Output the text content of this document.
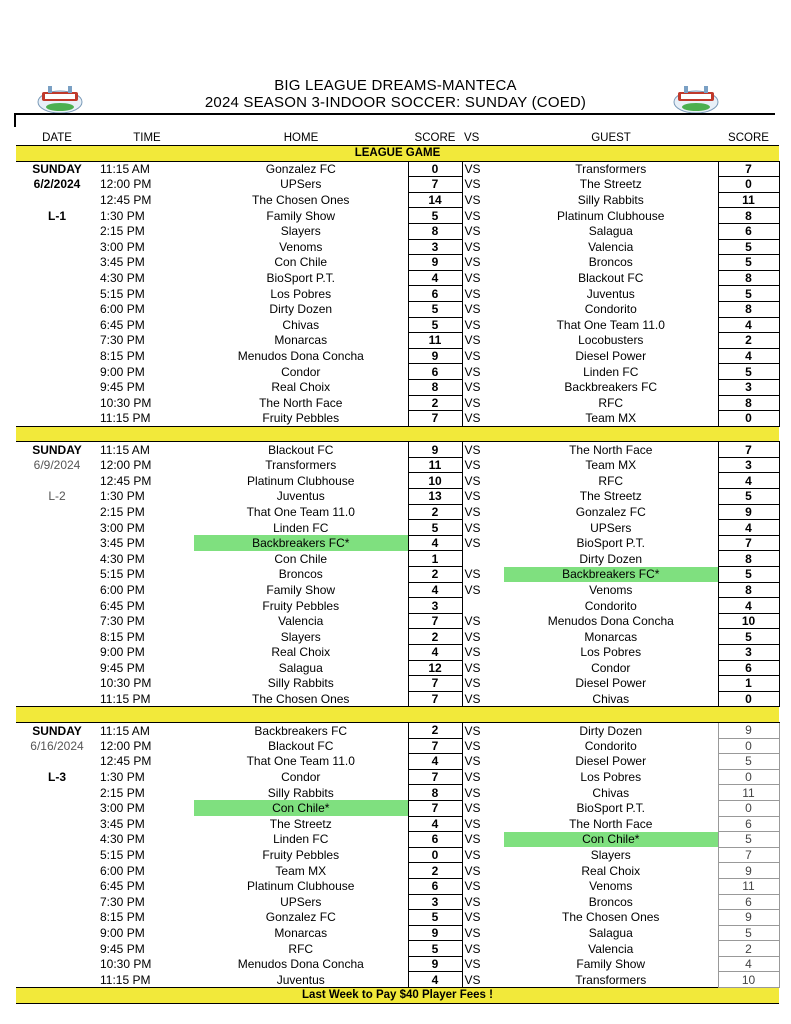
BIG LEAGUE DREAMS-MANTECA
2024 SEASON 3-INDOOR SOCCER: SUNDAY (COED)
DATE	TIME	HOME	SCORE	VS	GUEST	SCORE
LEAGUE GAME						
SUNDAY	11:15 AM	Gonzalez FC	0	VS	Transformers	7
6/2/2024	12:00 PM	UPSers	7	VS	The Streetz	0
	12:45 PM	The Chosen Ones	14	VS	Silly Rabbits	11
L-1	1:30 PM	Family Show	5	VS	Platinum Clubhouse	8
	2:15 PM	Slayers	8	VS	Salagua	6
	3:00 PM	Venoms	3	VS	Valencia	5
	3:45 PM	Con Chile	9	VS	Broncos	5
	4:30 PM	BioSport P.T.	4	VS	Blackout FC	8
	5:15 PM	Los Pobres	6	VS	Juventus	5
	6:00 PM	Dirty Dozen	5	VS	Condorito	8
	6:45 PM	Chivas	5	VS	That One Team 11.0	4
	7:30 PM	Monarcas	11	VS	Locobusters	2
	8:15 PM	Menudos Dona Concha	9	VS	Diesel Power	4
	9:00 PM	Condor	6	VS	Linden FC	5
	9:45 PM	Real Choix	8	VS	Backbreakers FC	3
	10:30 PM	The North Face	2	VS	RFC	8
	11:15 PM	Fruity Pebbles	7	VS	Team MX	0

SUNDAY	11:15 AM	Blackout FC	9	VS	The North Face	7
6/9/2024	12:00 PM	Transformers	11	VS	Team MX	3
	12:45 PM	Platinum Clubhouse	10	VS	RFC	4
L-2	1:30 PM	Juventus	13	VS	The Streetz	5
	2:15 PM	That One Team 11.0	2	VS	Gonzalez FC	9
	3:00 PM	Linden FC	5	VS	UPSers	4
	3:45 PM	Backbreakers FC*	4	VS	BioSport P.T.	7
	4:30 PM	Con Chile	1		Dirty Dozen	8
	5:15 PM	Broncos	2	VS	Backbreakers FC*	5
	6:00 PM	Family Show	4	VS	Venoms	8
	6:45 PM	Fruity Pebbles	3		Condorito	4
	7:30 PM	Valencia	7	VS	Menudos Dona Concha	10
	8:15 PM	Slayers	2	VS	Monarcas	5
	9:00 PM	Real Choix	4	VS	Los Pobres	3
	9:45 PM	Salagua	12	VS	Condor	6
	10:30 PM	Silly Rabbits	7	VS	Diesel Power	1
	11:15 PM	The Chosen Ones	7	VS	Chivas	0

SUNDAY	11:15 AM	Backbreakers FC	2	VS	Dirty Dozen	9
6/16/2024	12:00 PM	Blackout FC	7	VS	Condorito	0
	12:45 PM	That One Team 11.0	4	VS	Diesel Power	5
L-3	1:30 PM	Condor	7	VS	Los Pobres	0
	2:15 PM	Silly Rabbits	8	VS	Chivas	11
	3:00 PM	Con Chile*	7	VS	BioSport P.T.	0
	3:45 PM	The Streetz	4	VS	The North Face	6
	4:30 PM	Linden FC	6	VS	Con Chile*	5
	5:15 PM	Fruity Pebbles	0	VS	Slayers	7
	6:00 PM	Team MX	2	VS	Real Choix	9
	6:45 PM	Platinum Clubhouse	6	VS	Venoms	11
	7:30 PM	UPSers	3	VS	Broncos	6
	8:15 PM	Gonzalez FC	5	VS	The Chosen Ones	9
	9:00 PM	Monarcas	9	VS	Salagua	5
	9:45 PM	RFC	5	VS	Valencia	2
	10:30 PM	Menudos Dona Concha	9	VS	Family Show	4
	11:15 PM	Juventus	4	VS	Transformers	10
Last Week to Pay $40 Player Fees !						
